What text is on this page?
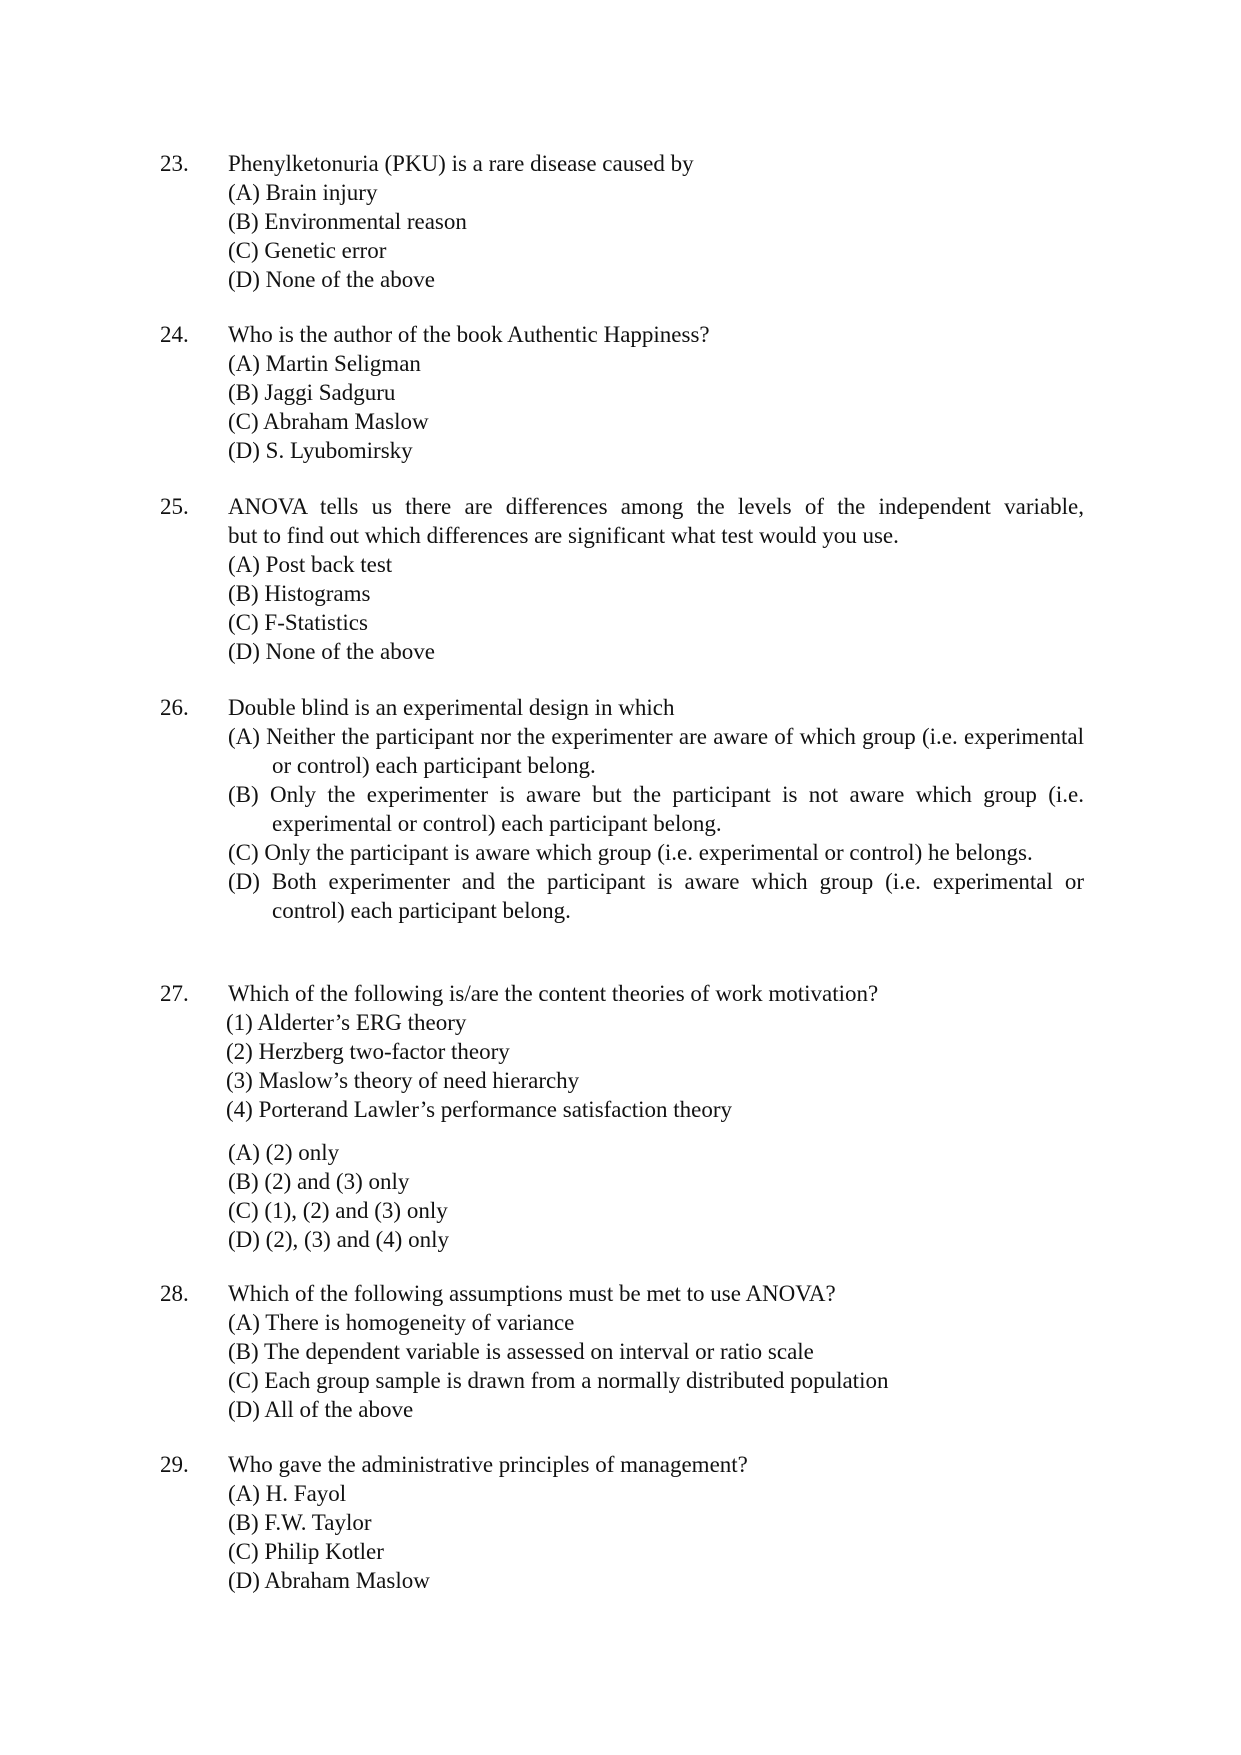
23. Phenylketonuria (PKU) is a rare disease caused by
(A) Brain injury
(B) Environmental reason
(C) Genetic error
(D) None of the above
24. Who is the author of the book Authentic Happiness?
(A) Martin Seligman
(B) Jaggi Sadguru
(C) Abraham Maslow
(D) S. Lyubomirsky
25. ANOVA tells us there are differences among the levels of the independent variable,
but to find out which differences are significant what test would you use.
(A) Post back test
(B) Histograms
(C) F-Statistics
(D) None of the above
26. Double blind is an experimental design in which
(A) Neither the participant nor the experimenter are aware of which group (i.e. experimental or control) each participant belong.
(B) Only the experimenter is aware but the participant is not aware which group (i.e. experimental or control) each participant belong.
(C) Only the participant is aware which group (i.e. experimental or control) he belongs.
(D) Both experimenter and the participant is aware which group (i.e. experimental or control) each participant belong.
27. Which of the following is/are the content theories of work motivation?
(1) Alderter’s ERG theory
(2) Herzberg two-factor theory
(3) Maslow’s theory of need hierarchy
(4) Porterand Lawler’s performance satisfaction theory
(A) (2) only
(B) (2) and (3) only
(C) (1), (2) and (3) only
(D) (2), (3) and (4) only
28. Which of the following assumptions must be met to use ANOVA?
(A) There is homogeneity of variance
(B) The dependent variable is assessed on interval or ratio scale
(C) Each group sample is drawn from a normally distributed population
(D) All of the above
29. Who gave the administrative principles of management?
(A) H. Fayol
(B) F.W. Taylor
(C) Philip Kotler
(D) Abraham Maslow
